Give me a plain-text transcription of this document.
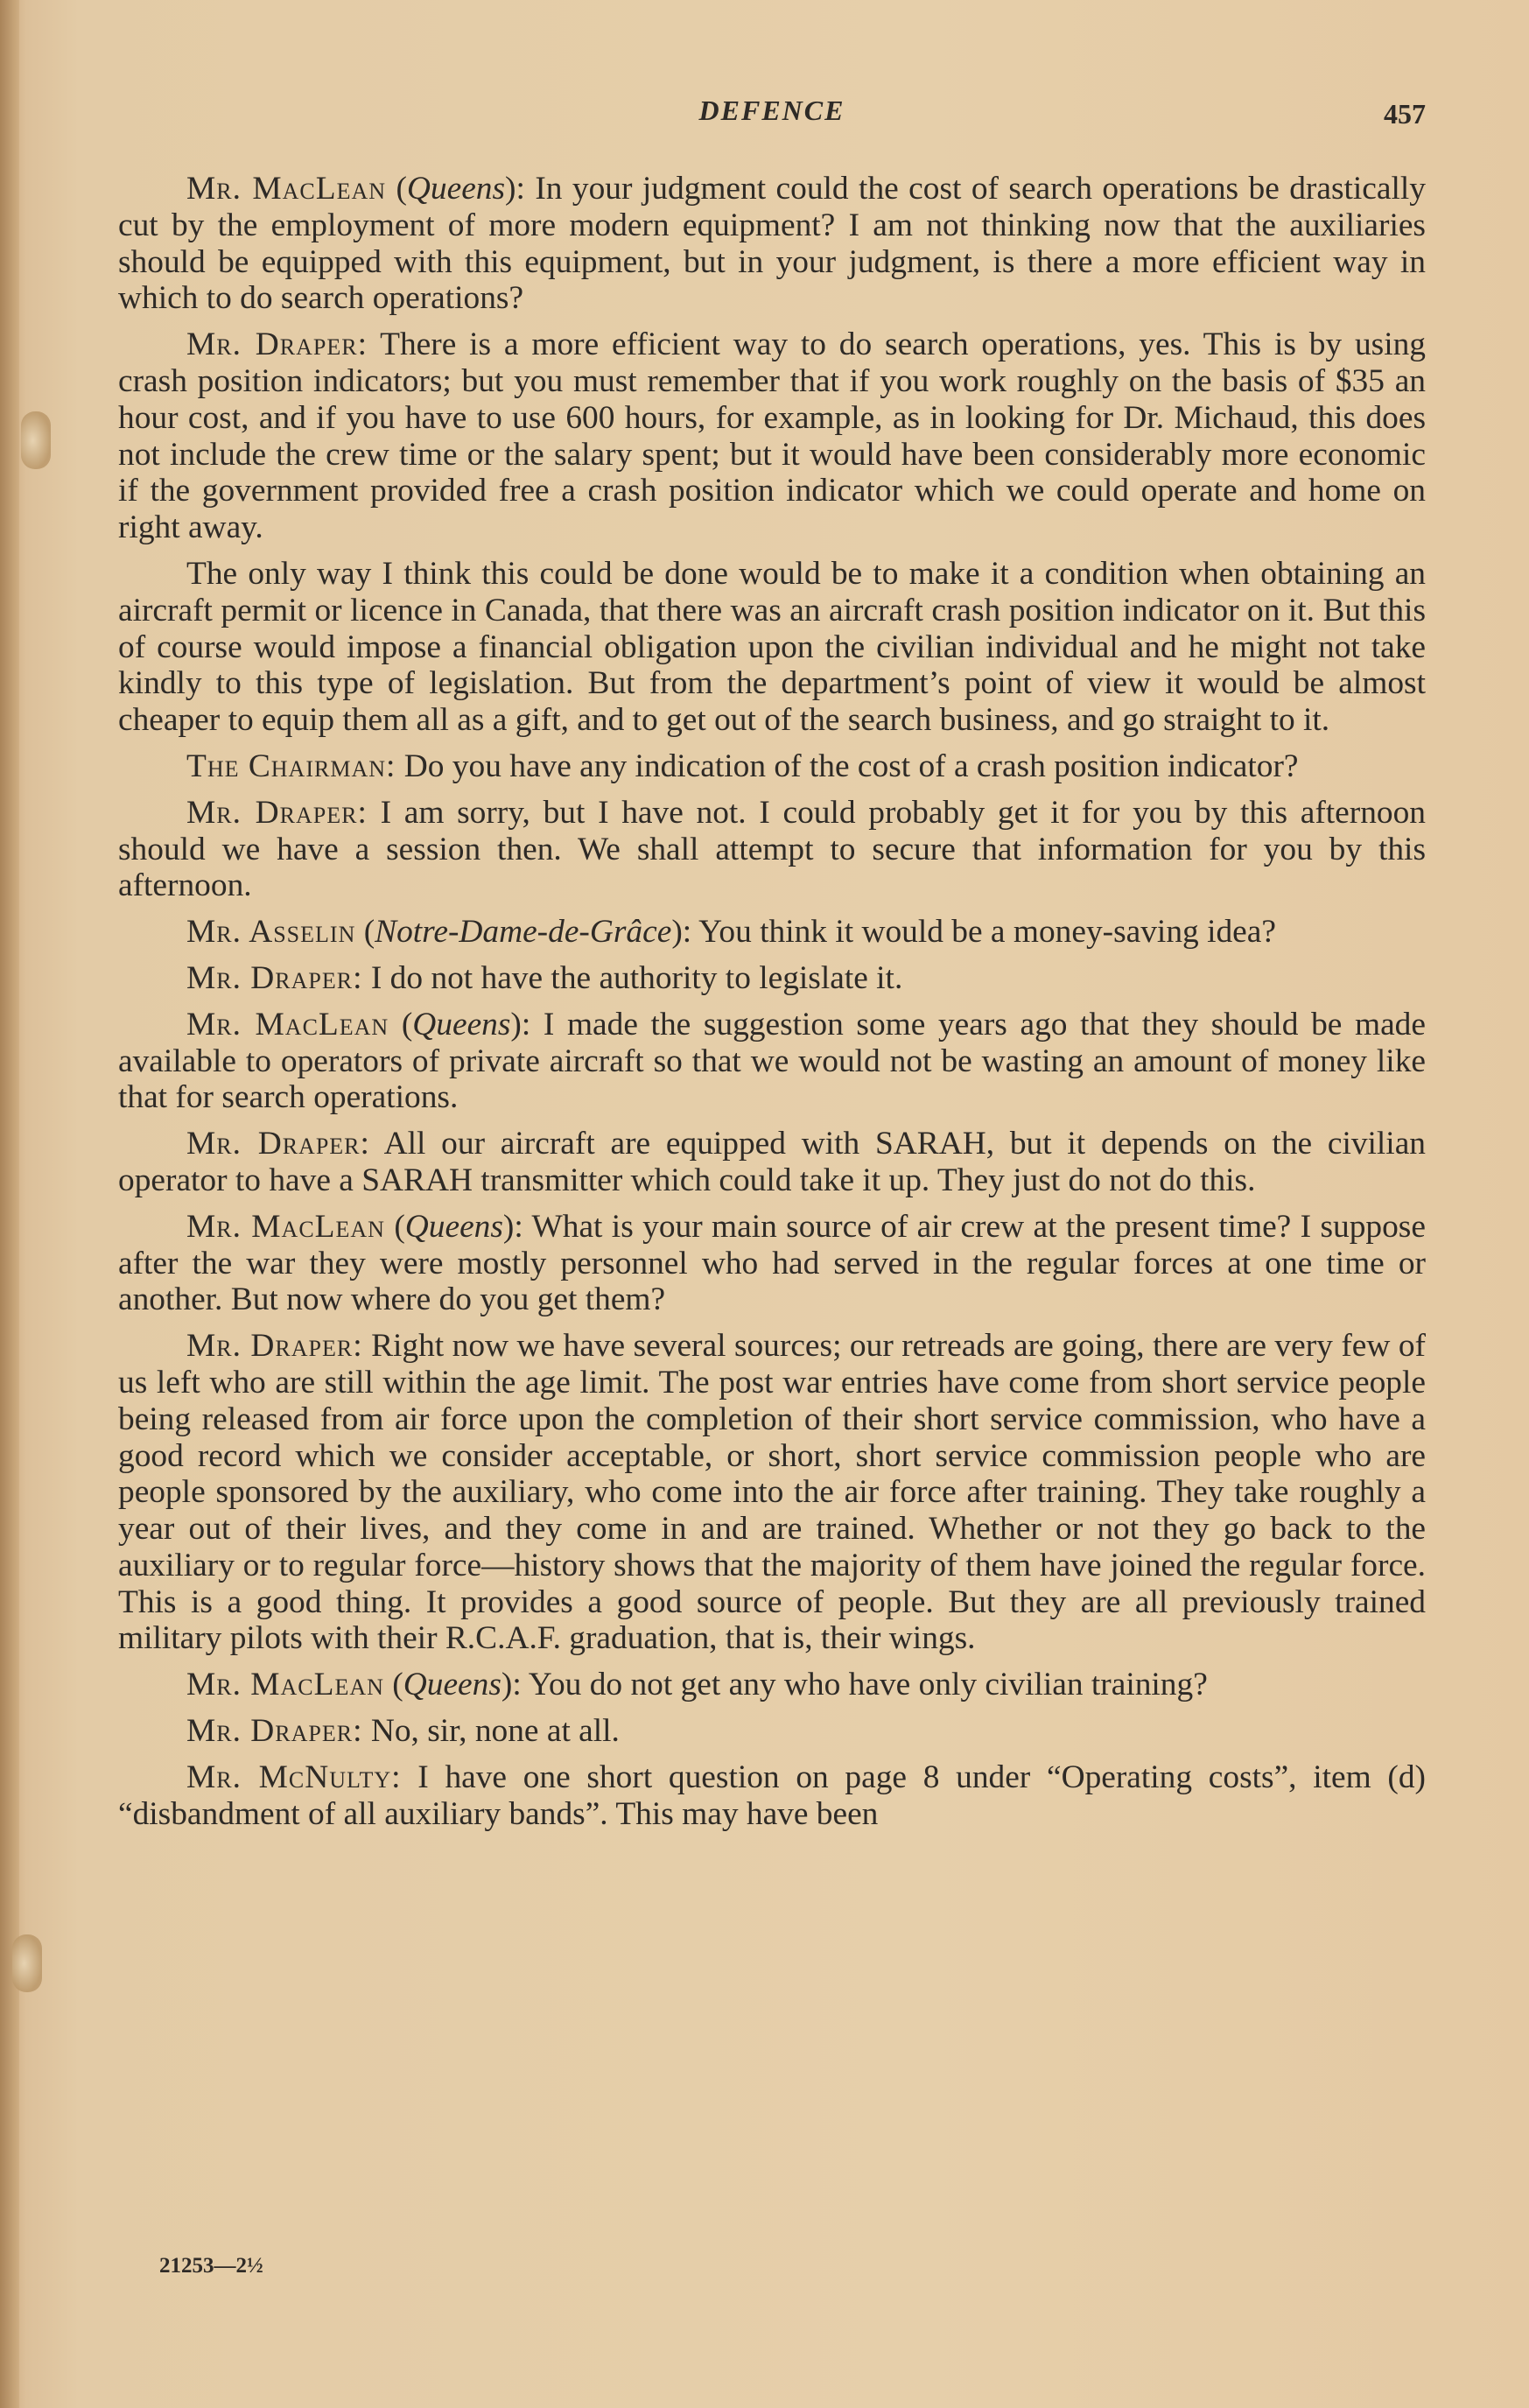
DEFENCE	457

Mr. MacLean (Queens): In your judgment could the cost of search operations be drastically cut by the employment of more modern equipment? I am not thinking now that the auxiliaries should be equipped with this equipment, but in your judgment, is there a more efficient way in which to do search operations?

Mr. Draper: There is a more efficient way to do search operations, yes. This is by using crash position indicators; but you must remember that if you work roughly on the basis of $35 an hour cost, and if you have to use 600 hours, for example, as in looking for Dr. Michaud, this does not include the crew time or the salary spent; but it would have been considerably more economic if the government provided free a crash position indicator which we could operate and home on right away.

The only way I think this could be done would be to make it a condition when obtaining an aircraft permit or licence in Canada, that there was an aircraft crash position indicator on it. But this of course would impose a financial obligation upon the civilian individual and he might not take kindly to this type of legislation. But from the department’s point of view it would be almost cheaper to equip them all as a gift, and to get out of the search business, and go straight to it.

The Chairman: Do you have any indication of the cost of a crash position indicator?

Mr. Draper: I am sorry, but I have not. I could probably get it for you by this afternoon should we have a session then. We shall attempt to secure that information for you by this afternoon.

Mr. Asselin (Notre-Dame-de-Grâce): You think it would be a money-saving idea?

Mr. Draper: I do not have the authority to legislate it.

Mr. MacLean (Queens): I made the suggestion some years ago that they should be made available to operators of private aircraft so that we would not be wasting an amount of money like that for search operations.

Mr. Draper: All our aircraft are equipped with SARAH, but it depends on the civilian operator to have a SARAH transmitter which could take it up. They just do not do this.

Mr. MacLean (Queens): What is your main source of air crew at the present time? I suppose after the war they were mostly personnel who had served in the regular forces at one time or another. But now where do you get them?

Mr. Draper: Right now we have several sources; our retreads are going, there are very few of us left who are still within the age limit. The post war entries have come from short service people being released from air force upon the completion of their short service commission, who have a good record which we consider acceptable, or short, short service commission people who are people sponsored by the auxiliary, who come into the air force after training. They take roughly a year out of their lives, and they come in and are trained. Whether or not they go back to the auxiliary or to regular force—history shows that the majority of them have joined the regular force. This is a good thing. It provides a good source of people. But they are all previously trained military pilots with their R.C.A.F. graduation, that is, their wings.

Mr. MacLean (Queens): You do not get any who have only civilian training?

Mr. Draper: No, sir, none at all.

Mr. McNulty: I have one short question on page 8 under “Operating costs”, item (d) “disbandment of all auxiliary bands”. This may have been

21253—2½
